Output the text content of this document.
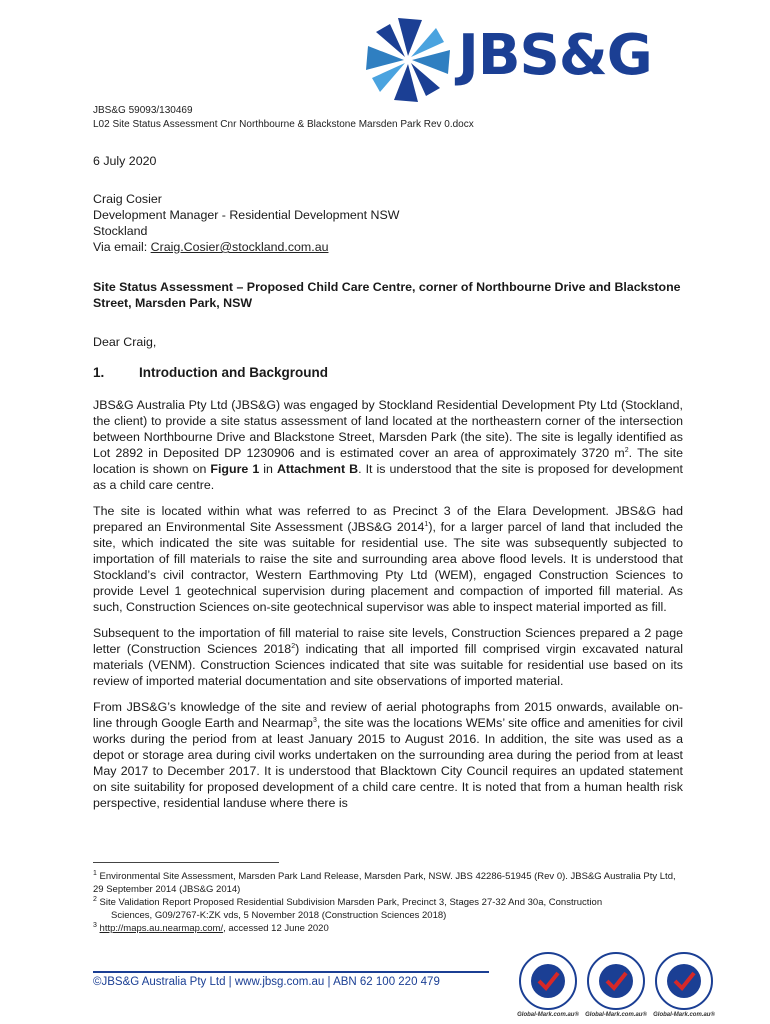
JBS&G
JBS&G 59093/130469
L02 Site Status Assessment Cnr Northbourne & Blackstone Marsden Park Rev 0.docx
6 July 2020
Craig Cosier
Development Manager - Residential Development NSW
Stockland
Via email: Craig.Cosier@stockland.com.au
Site Status Assessment – Proposed Child Care Centre, corner of Northbourne Drive and Blackstone Street, Marsden Park, NSW
Dear Craig,
1.	Introduction and Background

JBS&G Australia Pty Ltd (JBS&G) was engaged by Stockland Residential Development Pty Ltd (Stockland, the client) to provide a site status assessment of land located at the northeastern corner of the intersection between Northbourne Drive and Blackstone Street, Marsden Park (the site). The site is legally identified as Lot 2892 in Deposited DP 1230906 and is estimated cover an area of approximately 3720 $m^2$. The site location is shown on Figure 1 in Attachment B. It is understood that the site is proposed for development as a child care centre.

The site is located within what was referred to as Precinct 3 of the Elara Development. JBS&G had prepared an Environmental Site Assessment (JBS&G 2014$^1$), for a larger parcel of land that included the site, which indicated the site was suitable for residential use. The site was subsequently subjected to importation of fill materials to raise the site and surrounding area above flood levels. It is understood that Stockland’s civil contractor, Western Earthmoving Pty Ltd (WEM), engaged Construction Sciences to provide Level 1 geotechnical supervision during placement and compaction of imported fill material. As such, Construction Sciences on-site geotechnical supervisor was able to inspect material imported as fill.

Subsequent to the importation of fill material to raise site levels, Construction Sciences prepared a 2 page letter (Construction Sciences 2018$^2$) indicating that all imported fill comprised virgin excavated natural materials (VENM). Construction Sciences indicated that site was suitable for residential use based on its review of imported material documentation and site observations of imported material.

From JBS&G’s knowledge of the site and review of aerial photographs from 2015 onwards, available on-line through Google Earth and Nearmap$^3$, the site was the locations WEMs’ site office and amenities for civil works during the period from at least January 2015 to August 2016. In addition, the site was used as a depot or storage area during civil works undertaken on the surrounding area during the period from at least May 2017 to December 2017. It is understood that Blacktown City Council requires an updated statement on site suitability for proposed development of a child care centre. It is noted that from a human health risk perspective, residential landuse where there is

$^1$ Environmental Site Assessment, Marsden Park Land Release, Marsden Park, NSW. JBS 42286-51945 (Rev 0). JBS&G Australia Pty Ltd, 29 September 2014 (JBS&G 2014)

$^2$ Site Validation Report Proposed Residential Subdivision Marsden Park, Precinct 3, Stages 27-32 And 30a, Construction
Sciences, G09/2767-K:ZK vds, 5 November 2018 (Construction Sciences 2018)

$^3$ http://maps.au.nearmap.com/, accessed 12 June 2020

©JBS&G Australia Pty Ltd | www.jbsg.com.au | ABN 62 100 220 479
Global-Mark.com.au® Global-Mark.com.au® Global-Mark.com.au®
